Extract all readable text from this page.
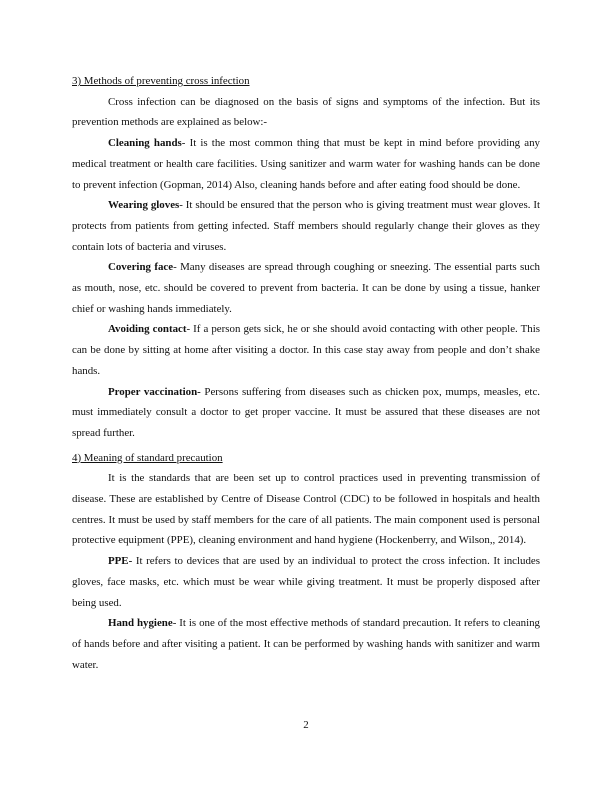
3) Methods of preventing cross infection

Cross infection can be diagnosed on the basis of signs and symptoms of the infection. But its prevention methods are explained as below:-

Cleaning hands- It is the most common thing that must be kept in mind before providing any medical treatment or health care facilities. Using sanitizer and warm water for washing hands can be done to prevent infection (Gopman, 2014) Also, cleaning hands before and after eating food should be done.

Wearing gloves- It should be ensured that the person who is giving treatment must wear gloves. It protects from patients from getting infected. Staff members should regularly change their gloves as they contain lots of bacteria and viruses.

Covering face- Many diseases are spread through coughing or sneezing. The essential parts such as mouth, nose, etc. should be covered to prevent from bacteria. It can be done by using a tissue, hanker chief or washing hands immediately.

Avoiding contact- If a person gets sick, he or she should avoid contacting with other people. This can be done by sitting at home after visiting a doctor. In this case stay away from people and don’t shake hands.

Proper vaccination- Persons suffering from diseases such as chicken pox, mumps, measles, etc. must immediately consult a doctor to get proper vaccine. It must be assured that these diseases are not spread further.

4) Meaning of standard precaution

It is the standards that are been set up to control practices used in preventing transmission of disease. These are established by Centre of Disease Control (CDC) to be followed in hospitals and health centres. It must be used by staff members for the care of all patients. The main component used is personal protective equipment (PPE), cleaning environment and hand hygiene (Hockenberry, and Wilson,, 2014).

PPE- It refers to devices that are used by an individual to protect the cross infection. It includes gloves, face masks, etc. which must be wear while giving treatment. It must be properly disposed after being used.

Hand hygiene- It is one of the most effective methods of standard precaution. It refers to cleaning of hands before and after visiting a patient. It can be performed by washing hands with sanitizer and warm water.

2
